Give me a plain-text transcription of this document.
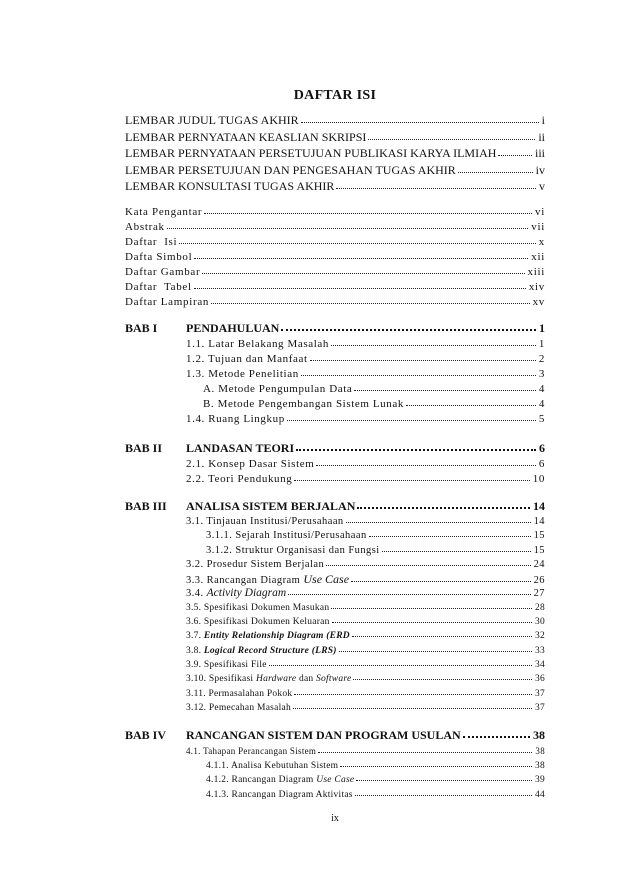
DAFTAR ISI
LEMBAR JUDUL TUGAS AKHIR	i
LEMBAR PERNYATAAN KEASLIAN SKRIPSI	ii
LEMBAR PERNYATAAN PERSETUJUAN PUBLIKASI KARYA ILMIAH	iii
LEMBAR PERSETUJUAN DAN PENGESAHAN TUGAS AKHIR	iv
LEMBAR KONSULTASI TUGAS AKHIR	v
Kata Pengantar	vi
Abstrak	vii
Daftar  Isi	x
Dafta Simbol	xii
Daftar Gambar	xiii
Daftar  Tabel	xiv
Daftar Lampiran	xv
BAB I	PENDAHULUAN	1
1.1. Latar Belakang Masalah	1
1.2. Tujuan dan Manfaat	2
1.3. Metode Penelitian	3
A. Metode Pengumpulan Data	4
B. Metode Pengembangan Sistem Lunak	4
1.4. Ruang Lingkup	5
BAB II	LANDASAN TEORI	6
2.1. Konsep Dasar Sistem	6
2.2. Teori Pendukung	10
BAB III	ANALISA SISTEM BERJALAN	14
3.1. Tinjauan Institusi/Perusahaan	14
3.1.1. Sejarah Institusi/Perusahaan	15
3.1.2. Struktur Organisasi dan Fungsi	15
3.2. Prosedur Sistem Berjalan	24
3.3. Rancangan Diagram Use Case	26
3.4. Activity Diagram	27
3.5. Spesifikasi Dokumen Masukan	28
3.6. Spesifikasi Dokumen Keluaran	30
3.7. Entity Relationship Diagram (ERD	32
3.8. Logical Record Structure (LRS)	33
3.9. Spesifikasi File	34
3.10. Spesifikasi Hardware dan Software	36
3.11. Permasalahan Pokok	37
3.12. Pemecahan Masalah	37
BAB IV	RANCANGAN SISTEM DAN PROGRAM USULAN	38
4.1. Tahapan Perancangan Sistem	38
4.1.1. Analisa Kebutuhan Sistem	38
4.1.2. Rancangan Diagram Use Case	39
4.1.3. Rancangan Diagram Aktivitas	44
ix
